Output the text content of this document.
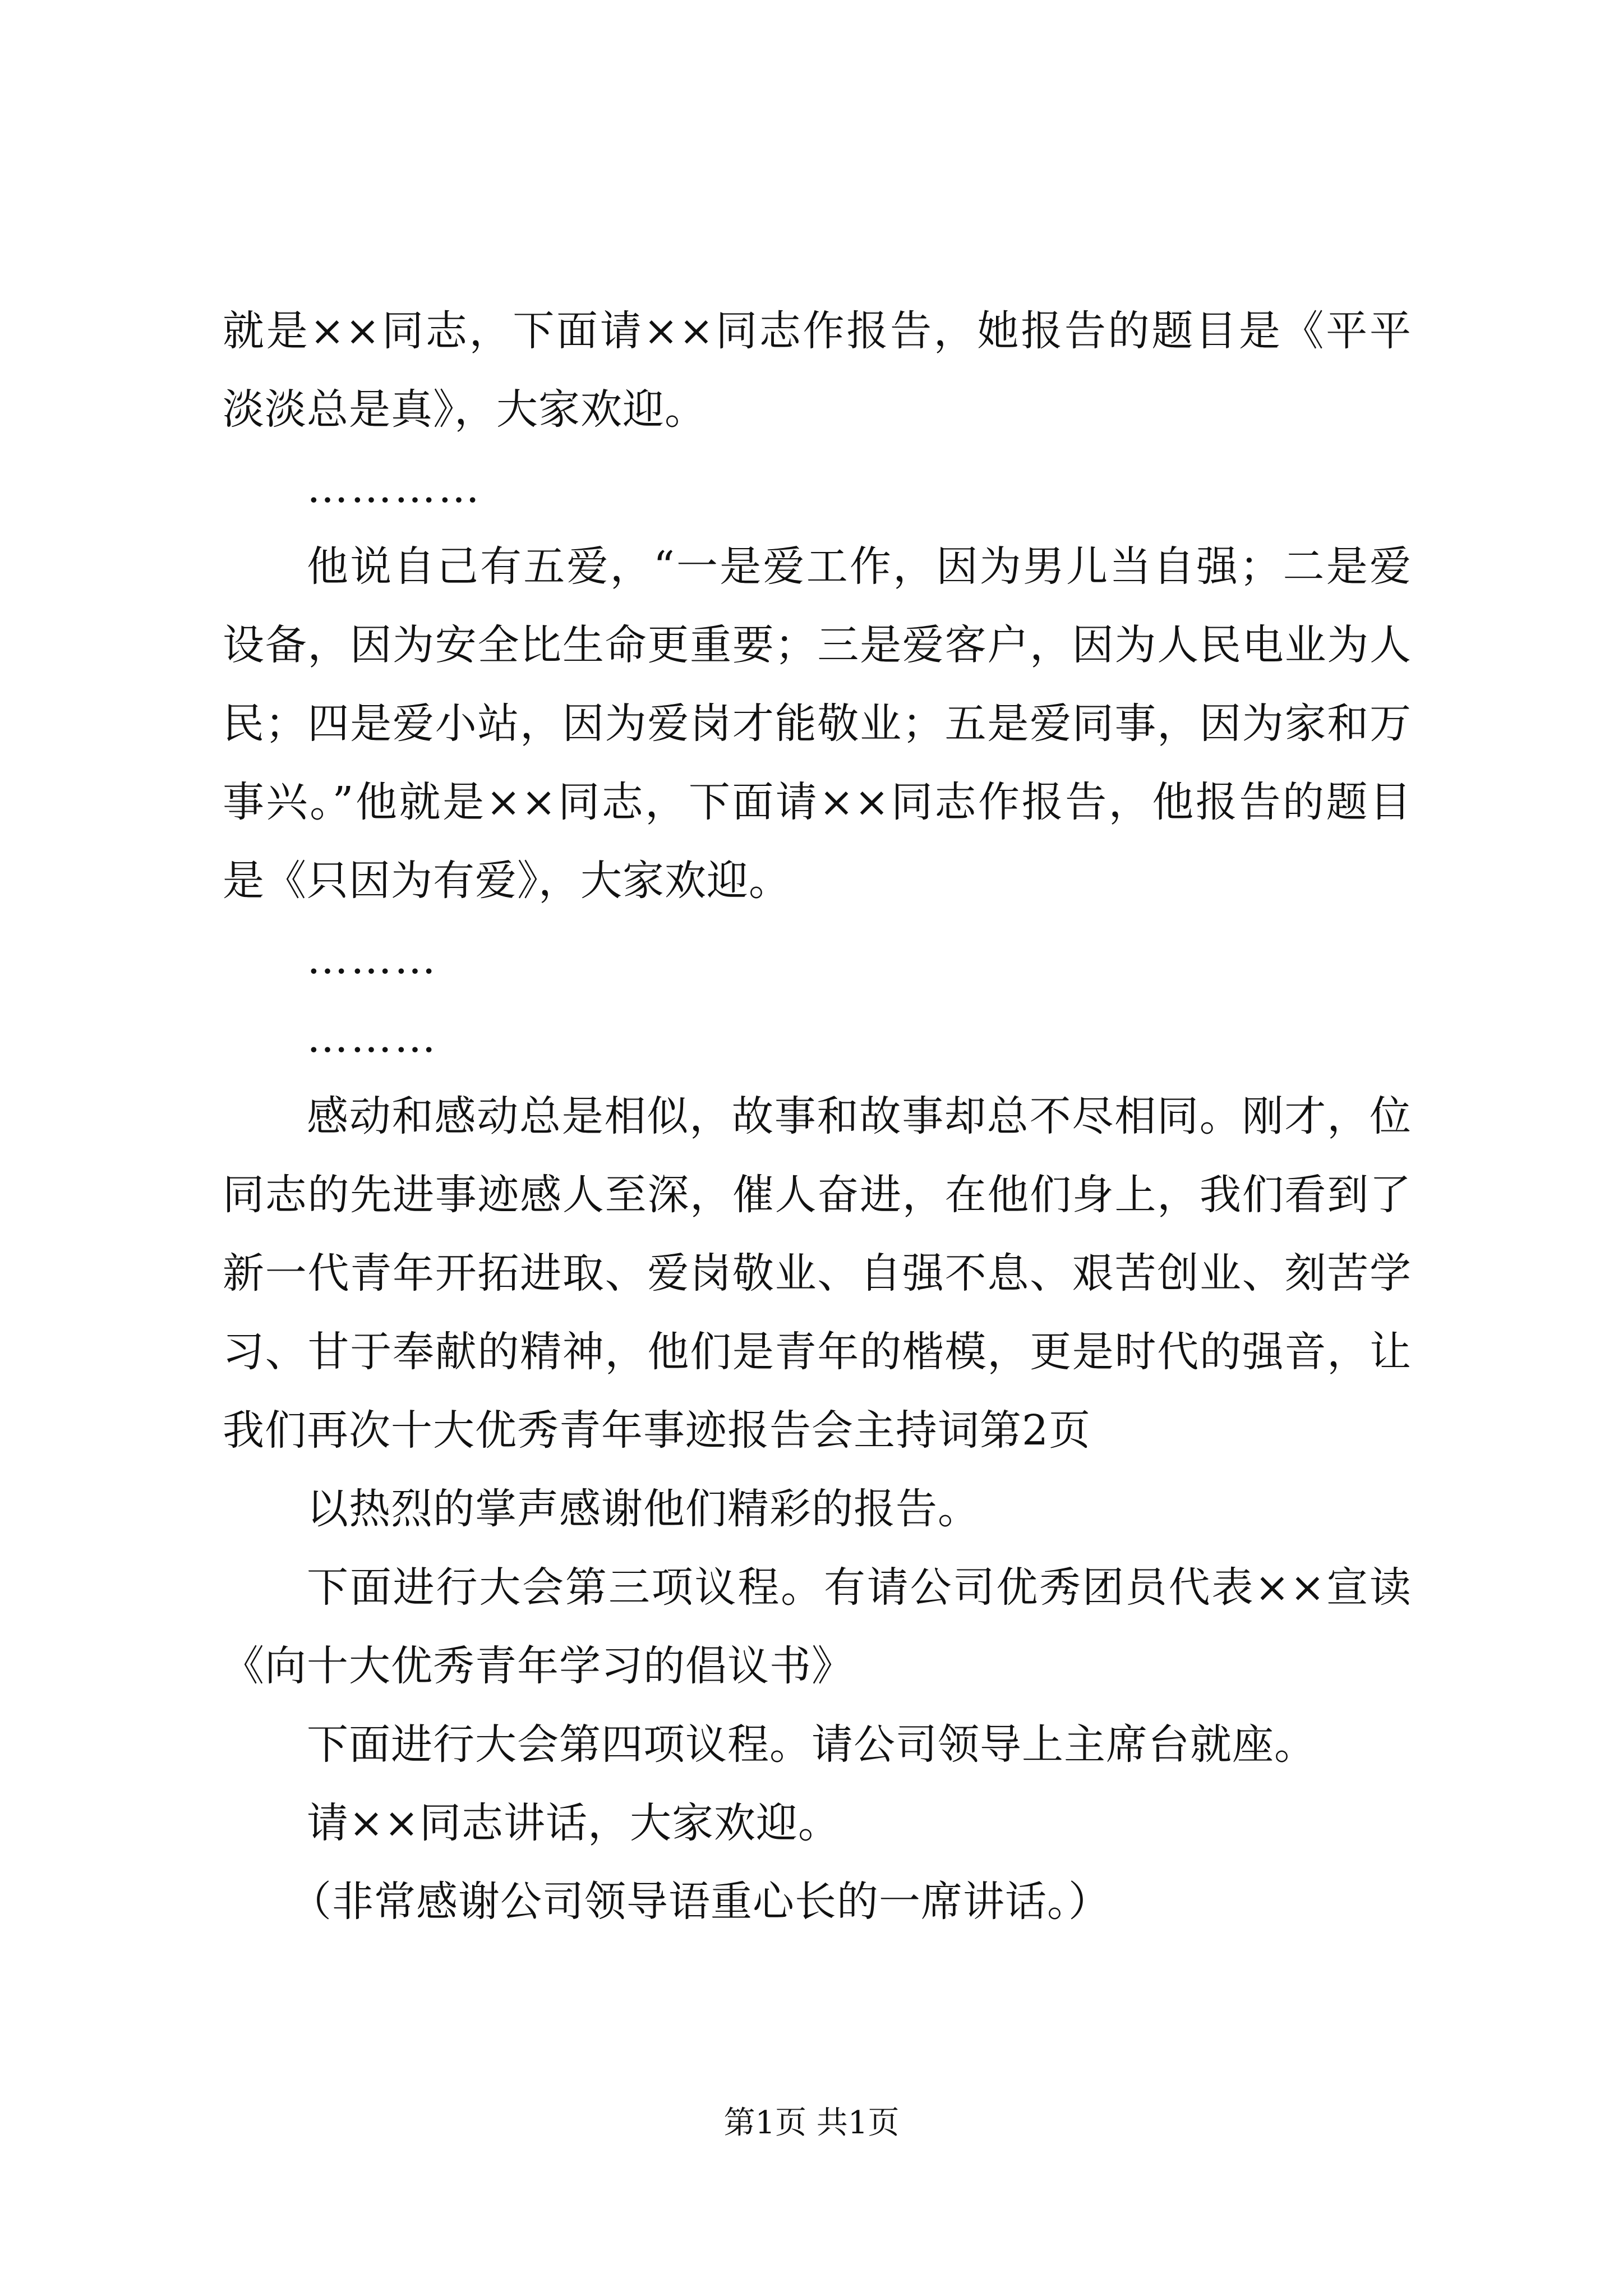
就是××同志，下面请××同志作报告，她报告的题目是《平平淡淡总是真》，大家欢迎。

…………

他说自己有五爱，“一是爱工作，因为男儿当自强；二是爱设备，因为安全比生命更重要；三是爱客户，因为人民电业为人民；四是爱小站，因为爱岗才能敬业；五是爱同事，因为家和万事兴。”他就是××同志，下面请××同志作报告，他报告的题目是《只因为有爱》，大家欢迎。

………

………

感动和感动总是相似，故事和故事却总不尽相同。刚才，位同志的先进事迹感人至深，催人奋进，在他们身上，我们看到了新一代青年开拓进取、爱岗敬业、自强不息、艰苦创业、刻苦学习、甘于奉献的精神，他们是青年的楷模，更是时代的强音，让我们再次十大优秀青年事迹报告会主持词第2页

以热烈的掌声感谢他们精彩的报告。

下面进行大会第三项议程。有请公司优秀团员代表××宣读《向十大优秀青年学习的倡议书》

下面进行大会第四项议程。请公司领导上主席台就座。

请××同志讲话，大家欢迎。

（非常感谢公司领导语重心长的一席讲话。）

第1页 共1页
